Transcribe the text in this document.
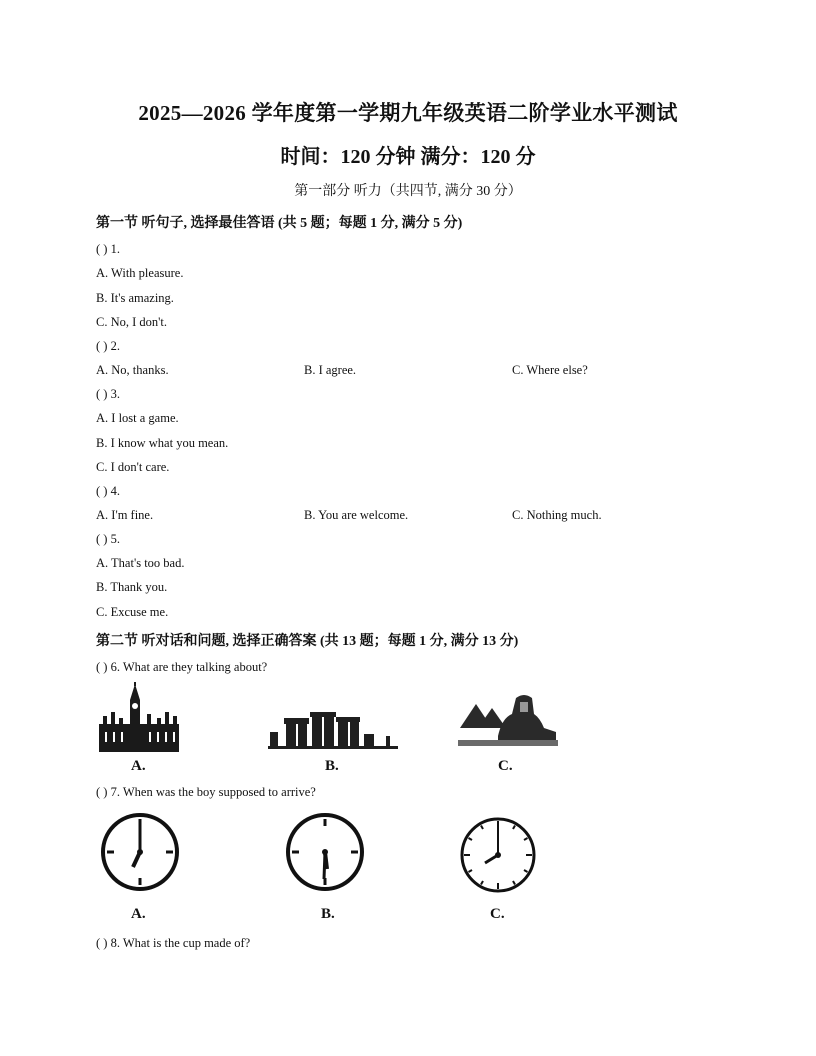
2025—2026 学年度第一学期九年级英语二阶学业水平测试
时间：120 分钟 满分：120 分
第一部分 听力（共四节, 满分 30 分）
第一节 听句子, 选择最佳答语 (共 5 题；每题 1 分, 满分 5 分)
( ) 1.
A. With pleasure.
B. It's amazing.
C. No, I don't.
( ) 2.
A. No, thanks.	B. I agree.	C. Where else?
( ) 3.
A. I lost a game.
B. I know what you mean.
C. I don't care.
( ) 4.
A. I'm fine.	B. You are welcome.	C. Nothing much.
( ) 5.
A. That's too bad.
B. Thank you.
C. Excuse me.
第二节 听对话和问题, 选择正确答案 (共 13 题；每题 1 分, 满分 13 分)
( ) 6. What are they talking about?
A.	B.	C.
( ) 7. When was the boy supposed to arrive?
A.	B.	C.
( ) 8. What is the cup made of?
